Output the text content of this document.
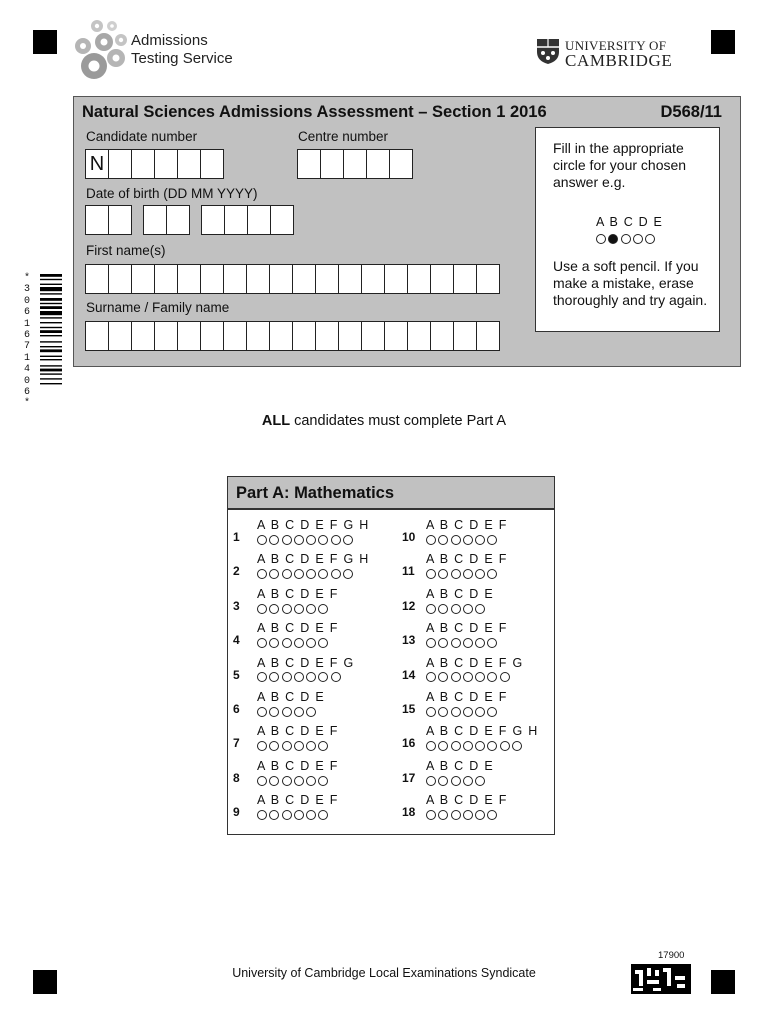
Admissions
Testing Service
UNIVERSITY OF
CAMBRIDGE
*
3
0
6
1
6
7
1
4
0
6
*
Natural Sciences Admissions Assessment – Section 1 2016	D568/11
Candidate number
N
Centre number
Date of birth (DD MM YYYY)
First name(s)
Surname / Family name

Fill in the appropriate circle for your chosen answer e.g.

A B C D E

Use a soft pencil. If you make a mistake, erase thoroughly and try again.

ALL candidates must complete Part A
Part A: Mathematics
1
A B C D E F G H
2
A B C D E F G H
3
A B C D E F
4
A B C D E F
5
A B C D E F G
6
A B C D E
7
A B C D E F
8
A B C D E F
9
A B C D E F
10
A B C D E F
11
A B C D E F
12
A B C D E
13
A B C D E F
14
A B C D E F G
15
A B C D E F
16
A B C D E F G H
17
A B C D E
18
A B C D E F
17900
University of Cambridge Local Examinations Syndicate
